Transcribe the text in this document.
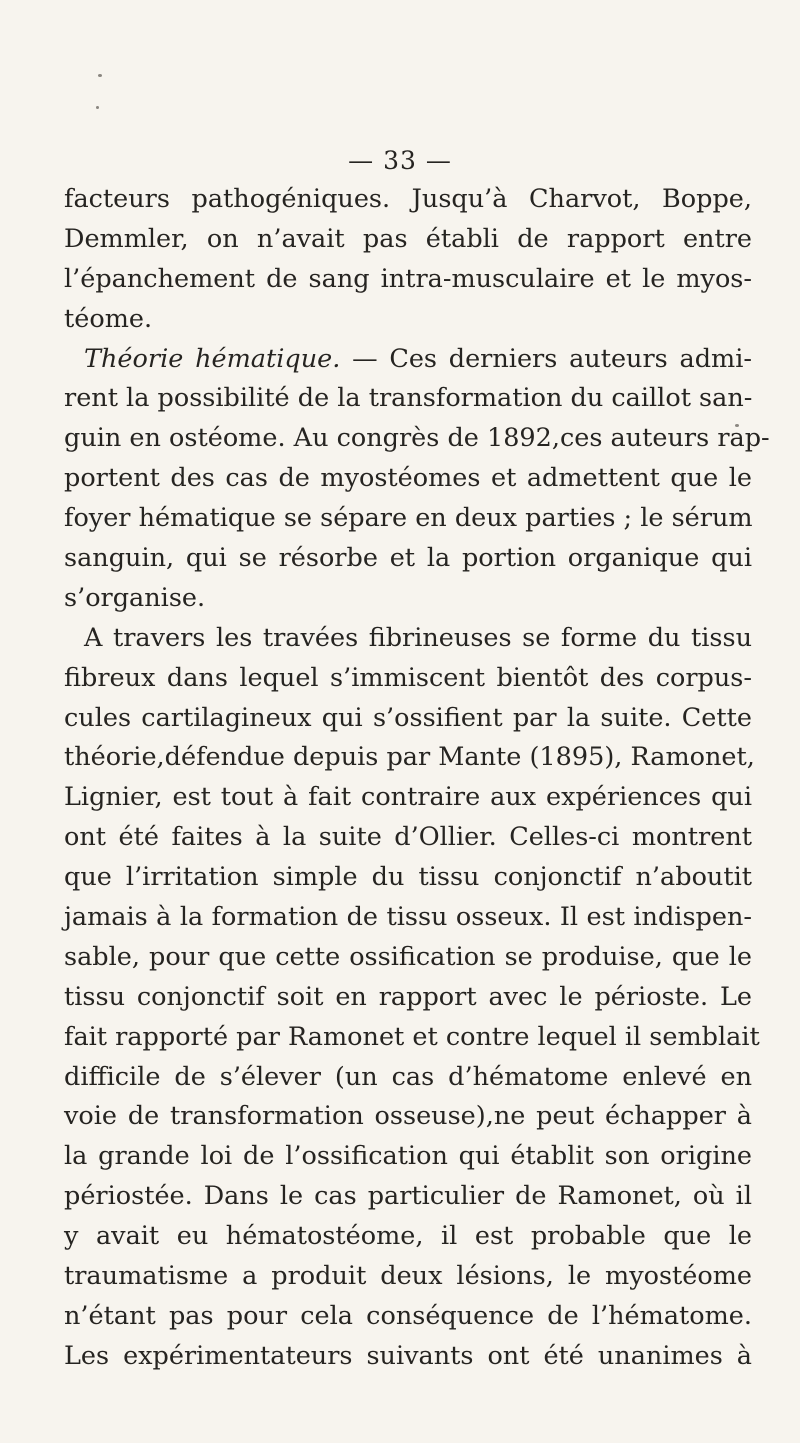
— 33 —
facteurs pathogéniques. Jusqu’à Charvot, Boppe,
Demmler, on n’avait pas établi de rapport entre
l’épanchement de sang intra-musculaire et le myos-
téome.
Théorie hématique. — Ces derniers auteurs admi-
rent la possibilité de la transformation du caillot san-
guin en ostéome. Au congrès de 1892,ces auteurs rap-
portent des cas de myostéomes et admettent que le
foyer hématique se sépare en deux parties ; le sérum
sanguin, qui se résorbe et la portion organique qui
s’organise.
A travers les travées fibrineuses se forme du tissu
fibreux dans lequel s’immiscent bientôt des corpus-
cules cartilagineux qui s’ossifient par la suite. Cette
théorie,défendue depuis par Mante (1895), Ramonet,
Lignier, est tout à fait contraire aux expériences qui
ont été faites à la suite d’Ollier. Celles-ci montrent
que l’irritation simple du tissu conjonctif n’aboutit
jamais à la formation de tissu osseux. Il est indispen-
sable, pour que cette ossification se produise, que le
tissu conjonctif soit en rapport avec le périoste. Le
fait rapporté par Ramonet et contre lequel il semblait
difficile de s’élever (un cas d’hématome enlevé en
voie de transformation osseuse),ne peut échapper à
la grande loi de l’ossification qui établit son origine
périostée. Dans le cas particulier de Ramonet, où il
y avait eu hématostéome, il est probable que le
traumatisme a produit deux lésions, le myostéome
n’étant pas pour cela conséquence de l’hématome.
Les expérimentateurs suivants ont été unanimes à
